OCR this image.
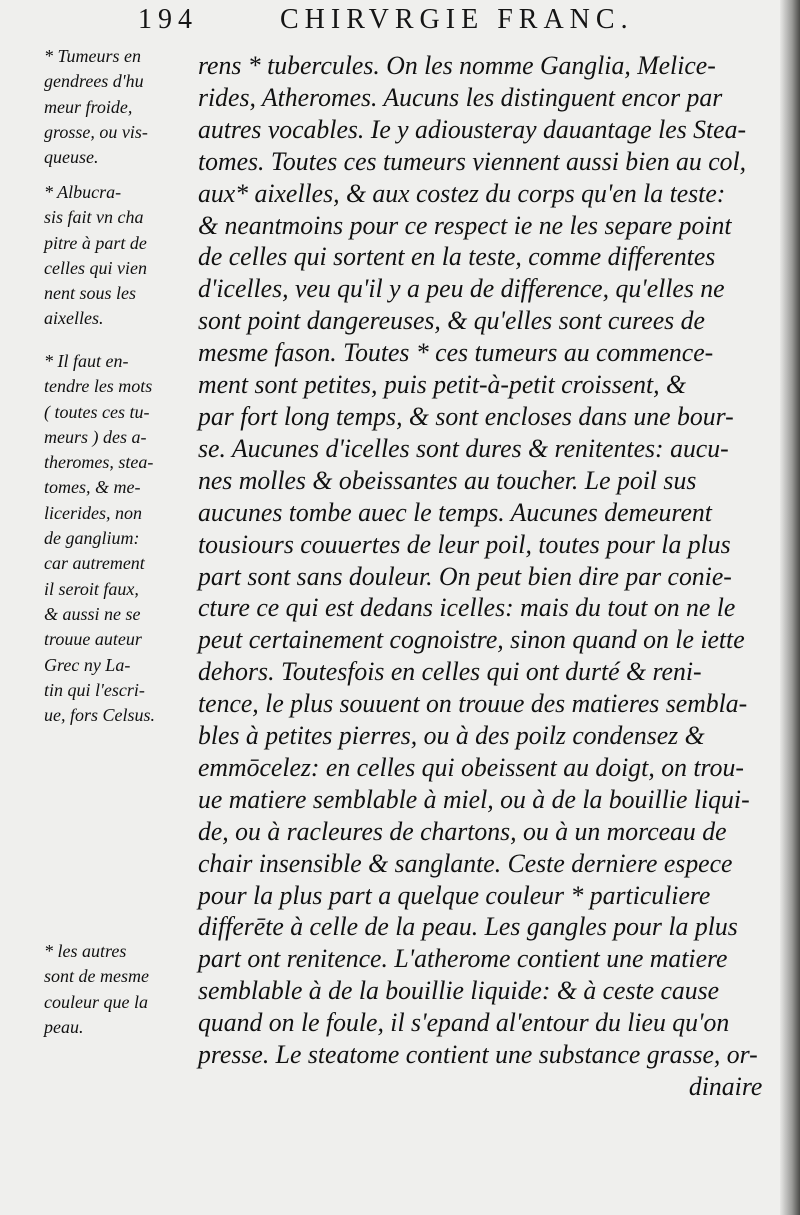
194	CHIRVRGIE FRANC.
* Tumeurs en
gendrees d'hu
meur froide,
grosse, ou vis-
queuse.
* Albucra-
sis fait vn cha
pitre à part de
celles qui vien
nent sous les
aixelles.
* Il faut en-
tendre les mots
( toutes ces tu-
meurs ) des a-
theromes, stea-
tomes, & me-
licerides, non
de ganglium:
car autrement
il seroit faux,
& aussi ne se
trouue auteur
Grec ny La-
tin qui l'escri-
ue, fors Celsus.
* les autres
sont de mesme
couleur que la
peau.
rens * tubercules. On les nomme Ganglia, Melice-
rides, Atheromes. Aucuns les distinguent encor par
autres vocables. Ie y adiousteray dauantage les Stea-
tomes. Toutes ces tumeurs viennent aussi bien au col,
aux* aixelles, & aux costez du corps qu'en la teste:
& neantmoins pour ce respect ie ne les separe point
de celles qui sortent en la teste, comme differentes
d'icelles, veu qu'il y a peu de difference, qu'elles ne
sont point dangereuses, & qu'elles sont curees de
mesme fason. Toutes * ces tumeurs au commence-
ment sont petites, puis petit-à-petit croissent, &
par fort long temps, & sont encloses dans une bour-
se. Aucunes d'icelles sont dures & renitentes: aucu-
nes molles & obeissantes au toucher. Le poil sus
aucunes tombe auec le temps. Aucunes demeurent
tousiours couuertes de leur poil, toutes pour la plus
part sont sans douleur. On peut bien dire par conie-
cture ce qui est dedans icelles: mais du tout on ne le
peut certainement cognoistre, sinon quand on le iette
dehors. Toutesfois en celles qui ont durté & reni-
tence, le plus souuent on trouue des matieres sembla-
bles à petites pierres, ou à des poilz condensez &
emmōcelez: en celles qui obeissent au doigt, on trou-
ue matiere semblable à miel, ou à de la bouillie liqui-
de, ou à racleures de chartons, ou à un morceau de
chair insensible & sanglante. Ceste derniere espece
pour la plus part a quelque couleur * particuliere
differēte à celle de la peau. Les gangles pour la plus
part ont renitence. L'atherome contient une matiere
semblable à de la bouillie liquide: & à ceste cause
quand on le foule, il s'epand al'entour du lieu qu'on
presse. Le steatome contient une substance grasse, or-
dinaire
